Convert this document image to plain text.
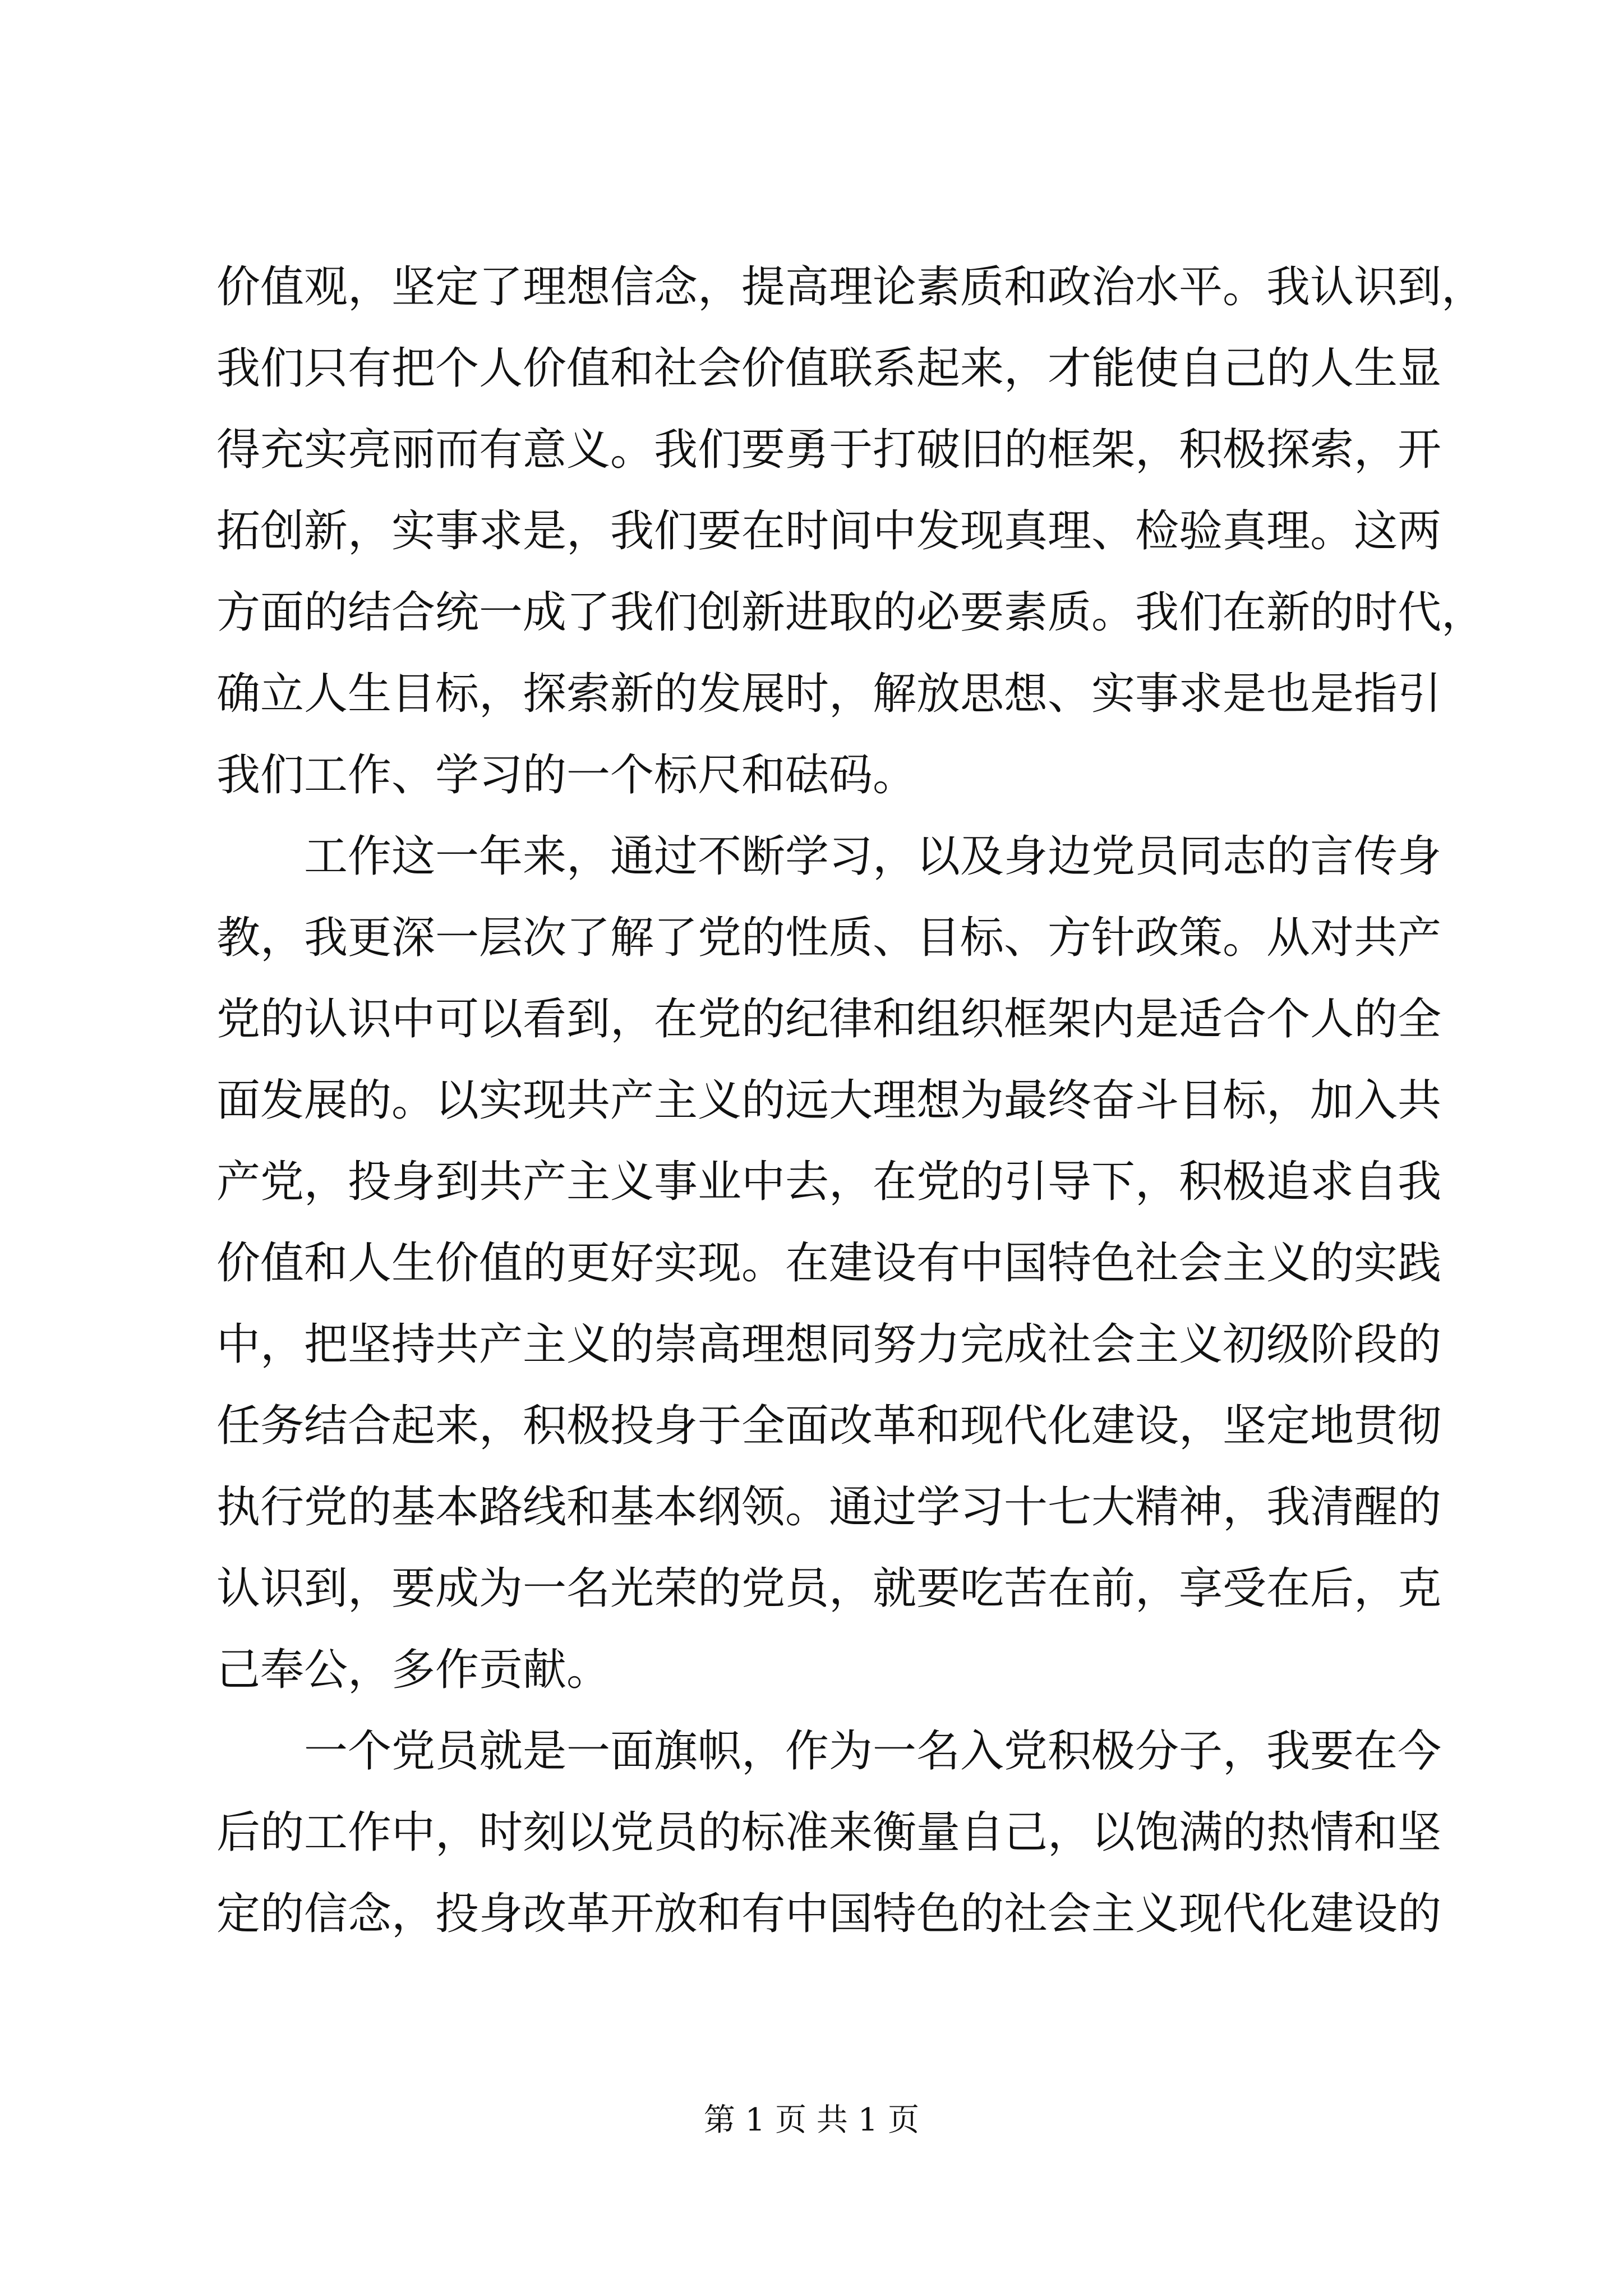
价值观，坚定了理想信念，提高理论素质和政治水平。我认识到，
我们只有把个人价值和社会价值联系起来，才能使自己的人生显
得充实亮丽而有意义。我们要勇于打破旧的框架，积极探索，开
拓创新，实事求是，我们要在时间中发现真理、检验真理。这两
方面的结合统一成了我们创新进取的必要素质。我们在新的时代，
确立人生目标，探索新的发展时，解放思想、实事求是也是指引
我们工作、学习的一个标尺和砝码。
工作这一年来，通过不断学习，以及身边党员同志的言传身
教，我更深一层次了解了党的性质、目标、方针政策。从对共产
党的认识中可以看到，在党的纪律和组织框架内是适合个人的全
面发展的。以实现共产主义的远大理想为最终奋斗目标，加入共
产党，投身到共产主义事业中去，在党的引导下，积极追求自我
价值和人生价值的更好实现。在建设有中国特色社会主义的实践
中，把坚持共产主义的崇高理想同努力完成社会主义初级阶段的
任务结合起来，积极投身于全面改革和现代化建设，坚定地贯彻
执行党的基本路线和基本纲领。通过学习十七大精神，我清醒的
认识到，要成为一名光荣的党员，就要吃苦在前，享受在后，克
己奉公，多作贡献。
一个党员就是一面旗帜，作为一名入党积极分子，我要在今
后的工作中，时刻以党员的标准来衡量自己，以饱满的热情和坚
定的信念，投身改革开放和有中国特色的社会主义现代化建设的
第 1 页 共 1 页
